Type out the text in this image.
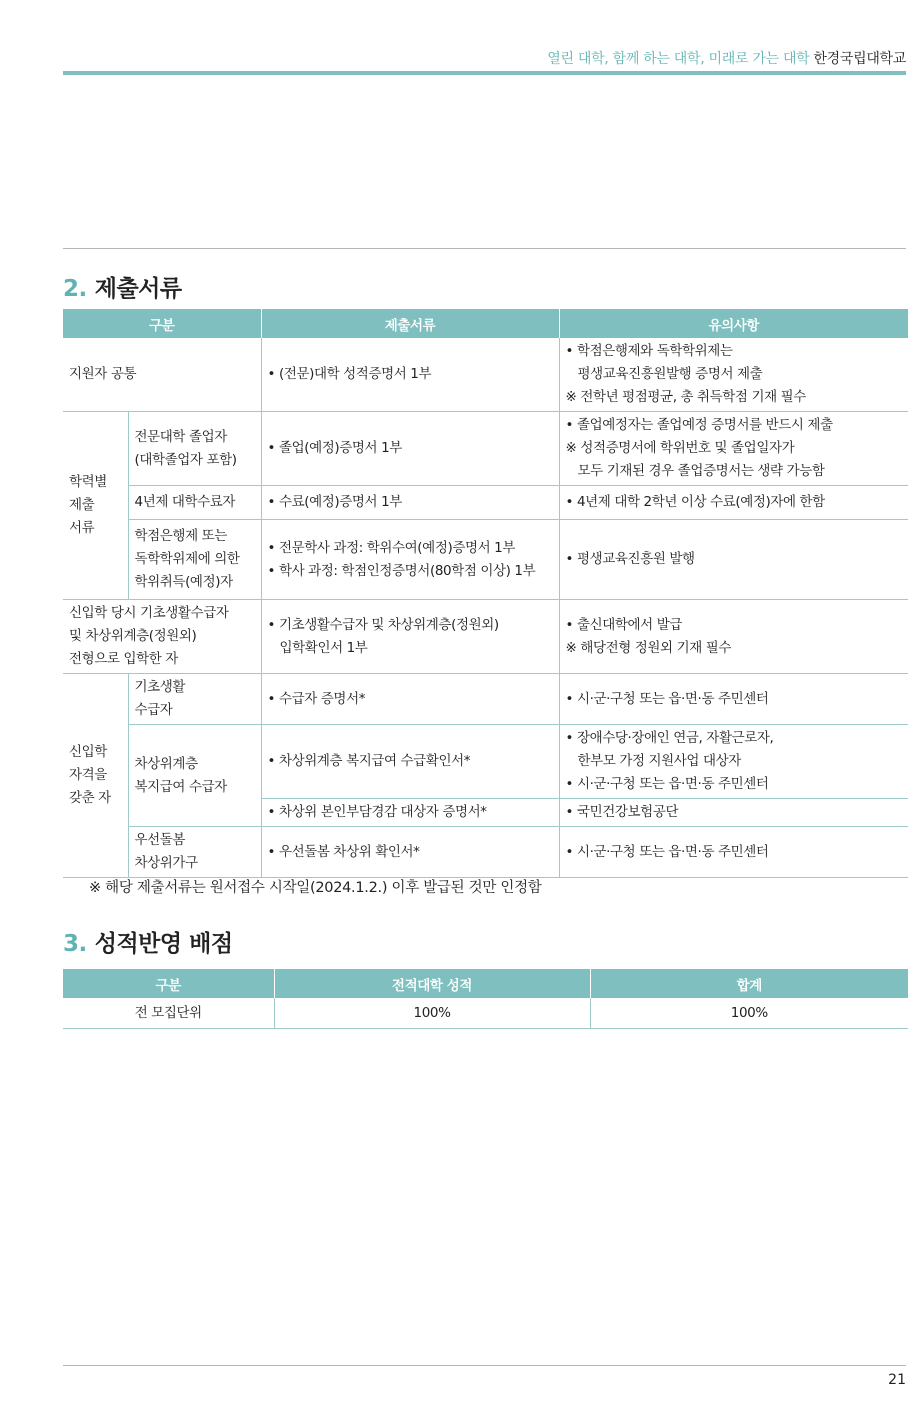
열린 대학, 함께 하는 대학, 미래로 가는 대학 한경국립대학교
2. 제출서류
구분		제출서류	유의사항
지원자 공통		• (전문)대학 성적증명서 1부	• 학점은행제와 독학학위제는
평생교육진흥원발행 증명서 제출
※ 전학년 평점평균, 총 취득학점 기재 필수

학력별
제출
서류	전문대학 졸업자
(대학졸업자 포함)	• 졸업(예정)증명서 1부	• 졸업예정자는 졸업예정 증명서를 반드시 제출
※ 성적증명서에 학위번호 및 졸업일자가
모두 기재된 경우 졸업증명서는 생략 가능함

	4년제 대학수료자	• 수료(예정)증명서 1부	• 4년제 대학 2학년 이상 수료(예정)자에 한함

	학점은행제 또는
독학학위제에 의한
학위취득(예정)자	• 전문학사 과정: 학위수여(예정)증명서 1부
• 학사 과정: 학점인정증명서(80학점 이상) 1부	• 평생교육진흥원 발행

신입학 당시 기초생활수급자
및 차상위계층(정원외)
전형으로 입학한 자		• 기초생활수급자 및 차상위계층(정원외)
입학확인서 1부	• 출신대학에서 발급
※ 해당전형 정원외 기재 필수

신입학
자격을
갖춘 자	기초생활
수급자	• 수급자 증명서*	• 시·군·구청 또는 읍·면·동 주민센터

	차상위계층
복지급여 수급자	• 차상위계층 복지급여 수급확인서*	• 장애수당·장애인 연금, 자활근로자,
한부모 가정 지원사업 대상자
• 시·군·구청 또는 읍·면·동 주민센터

		• 차상위 본인부담경감 대상자 증명서*	• 국민건강보험공단

	우선돌봄
차상위가구	• 우선돌봄 차상위 확인서*	• 시·군·구청 또는 읍·면·동 주민센터
※ 해당 제출서류는 원서접수 시작일(2024.1.2.) 이후 발급된 것만 인정함
3. 성적반영 배점
구분	전적대학 성적	합계
전 모집단위	100%	100%
21
